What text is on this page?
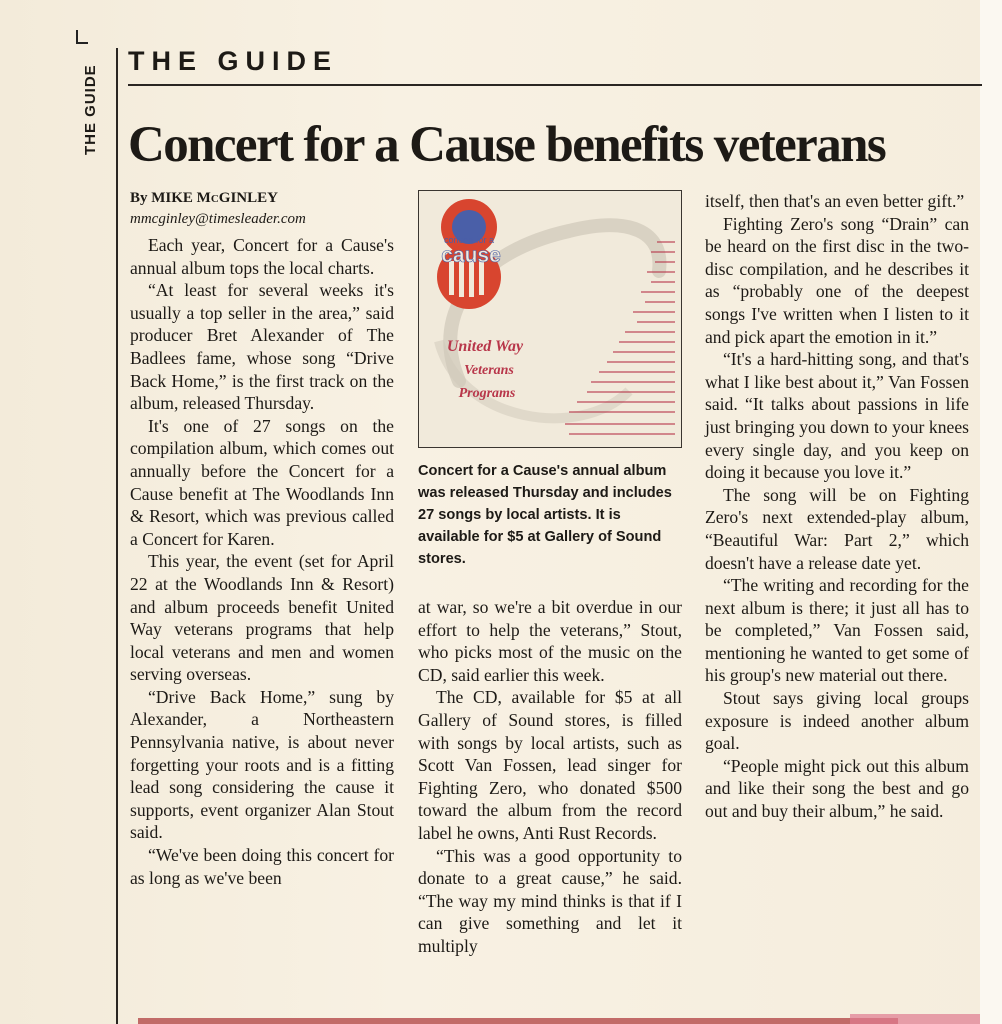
THE GUIDE
THE GUIDE
Concert for a Cause benefits veterans
By MIKE McGINLEY
mmcginley@timesleader.com

Each year, Concert for a Cause's annual album tops the local charts.

“At least for several weeks it's usually a top seller in the area,” said producer Bret Alexander of The Badlees fame, whose song “Drive Back Home,” is the first track on the album, released Thursday.

It's one of 27 songs on the compilation album, which comes out annually before the Concert for a Cause benefit at The Woodlands Inn & Resort, which was previous called a Concert for Karen.

This year, the event (set for April 22 at the Woodlands Inn & Resort) and album proceeds benefit United Way veterans programs that help local veterans and men and women serving overseas.

“Drive Back Home,” sung by Alexander, a Northeastern Pennsylvania native, is about never forgetting your roots and is a fitting lead song considering the cause it supports, event organizer Alan Stout said.

“We've been doing this concert for as long as we've been

concert for a
cause
United Way
Veterans
Programs
Concert for a Cause's annual album was released Thursday and includes 27 songs by local artists. It is available for $5 at Gallery of Sound stores.

at war, so we're a bit overdue in our effort to help the veterans,” Stout, who picks most of the music on the CD, said earlier this week.

The CD, available for $5 at all Gallery of Sound stores, is filled with songs by local artists, such as Scott Van Fossen, lead singer for Fighting Zero, who donated $500 toward the album from the record label he owns, Anti Rust Records.

“This was a good opportunity to donate to a great cause,” he said. “The way my mind thinks is that if I can give something and let it multiply

itself, then that's an even better gift.”

Fighting Zero's song “Drain” can be heard on the first disc in the two-disc compilation, and he describes it as “probably one of the deepest songs I've written when I listen to it and pick apart the emotion in it.”

“It's a hard-hitting song, and that's what I like best about it,” Van Fossen said. “It talks about passions in life just bringing you down to your knees every single day, and you keep on doing it because you love it.”

The song will be on Fighting Zero's next extended-play album, “Beautiful War: Part 2,” which doesn't have a release date yet.

“The writing and recording for the next album is there; it just all has to be completed,” Van Fossen said, mentioning he wanted to get some of his group's new material out there.

Stout says giving local groups exposure is indeed another album goal.

“People might pick out this album and like their song the best and go out and buy their album,” he said.
